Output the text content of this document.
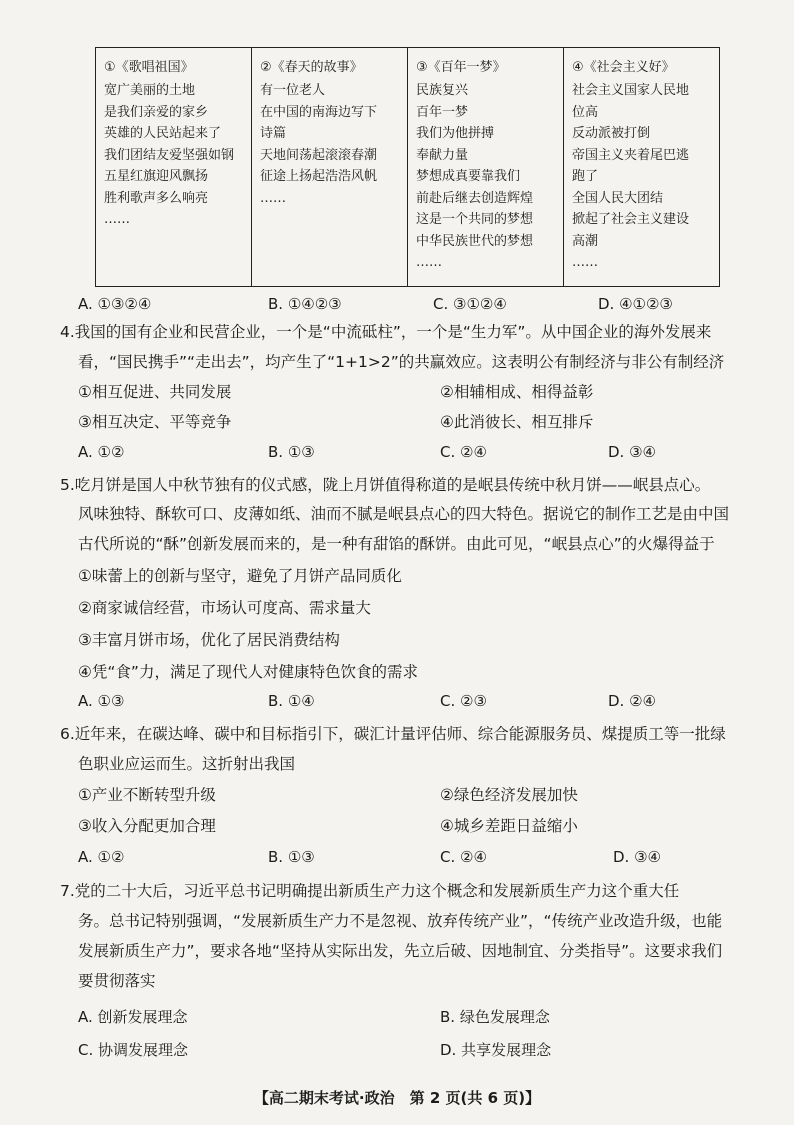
①《歌唱祖国》
宽广美丽的土地
是我们亲爱的家乡
英雄的人民站起来了
我们团结友爱坚强如钢
五星红旗迎风飘扬
胜利歌声多么响亮
……
②《春天的故事》
有一位老人
在中国的南海边写下
诗篇
天地间荡起滚滚春潮
征途上扬起浩浩风帆
……
③《百年一梦》
民族复兴
百年一梦
我们为他拼搏
奉献力量
梦想成真要靠我们
前赴后继去创造辉煌
这是一个共同的梦想
中华民族世代的梦想
……
④《社会主义好》
社会主义国家人民地
位高
反动派被打倒
帝国主义夹着尾巴逃
跑了
全国人民大团结
掀起了社会主义建设
高潮
……
A. ①③②④	B. ①④②③	C. ③①②④	D. ④①②③
4.我国的国有企业和民营企业，一个是“中流砥柱”，一个是“生力军”。从中国企业的海外发展来
看，“国民携手”“走出去”，均产生了“1+1>2”的共赢效应。这表明公有制经济与非公有制经济
①相互促进、共同发展	②相辅相成、相得益彰
③相互决定、平等竞争	④此消彼长、相互排斥
A. ①②	B. ①③	C. ②④	D. ③④
5.吃月饼是国人中秋节独有的仪式感，陇上月饼值得称道的是岷县传统中秋月饼——岷县点心。
风味独特、酥软可口、皮薄如纸、油而不腻是岷县点心的四大特色。据说它的制作工艺是由中国
古代所说的“酥”创新发展而来的，是一种有甜馅的酥饼。由此可见，“岷县点心”的火爆得益于
①味蕾上的创新与坚守，避免了月饼产品同质化
②商家诚信经营，市场认可度高、需求量大
③丰富月饼市场，优化了居民消费结构
④凭“食”力，满足了现代人对健康特色饮食的需求
A. ①③	B. ①④	C. ②③	D. ②④
6.近年来，在碳达峰、碳中和目标指引下，碳汇计量评估师、综合能源服务员、煤提质工等一批绿
色职业应运而生。这折射出我国
①产业不断转型升级	②绿色经济发展加快
③收入分配更加合理	④城乡差距日益缩小
A. ①②	B. ①③	C. ②④	D. ③④
7.党的二十大后，习近平总书记明确提出新质生产力这个概念和发展新质生产力这个重大任
务。总书记特别强调，“发展新质生产力不是忽视、放弃传统产业”，“传统产业改造升级，也能
发展新质生产力”，要求各地“坚持从实际出发，先立后破、因地制宜、分类指导”。这要求我们
要贯彻落实
A. 创新发展理念	B. 绿色发展理念
C. 协调发展理念	D. 共享发展理念
【高二期末考试·政治　第 2 页(共 6 页)】
